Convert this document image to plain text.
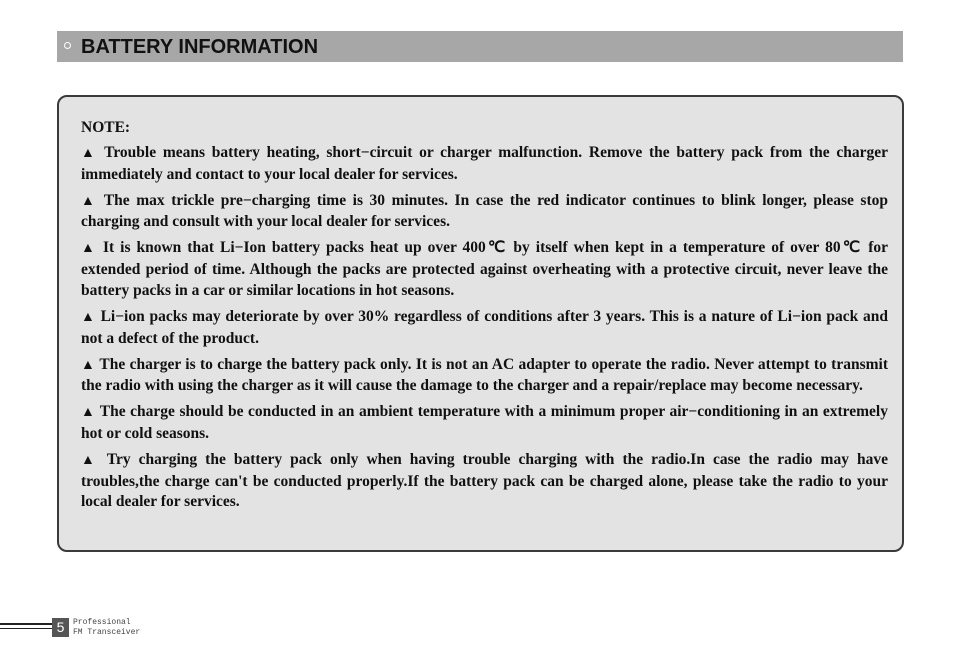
BATTERY INFORMATION
NOTE:
▲ Trouble means battery heating, short−circuit or charger malfunction. Remove the battery pack from the charger immediately and contact to your local dealer for services.
▲ The max trickle pre−charging time is 30 minutes. In case the red indicator continues to blink longer, please stop charging and consult with your local dealer for services.
▲ It is known that Li−Ion battery packs heat up over 400℃ by itself when kept in a temperature of over 80℃ for extended period of time. Although the packs are protected against overheating with a protective circuit, never leave the battery packs in a car or similar locations in hot seasons.
▲ Li−ion packs may deteriorate by over 30% regardless of conditions after 3 years. This is a nature of Li−ion pack and not a defect of the product.
▲ The charger is to charge the battery pack only. It is not an AC adapter to operate the radio. Never attempt to transmit the radio with using the charger as it will cause the damage to the charger and a repair/replace may become necessary.
▲ The charge should be conducted in an ambient temperature with a minimum proper air−conditioning in an extremely hot or cold seasons.
▲ Try charging the battery pack only when having trouble charging with the radio.In case the radio may have troubles,the charge can't be conducted properly.If the battery pack can be charged alone, please take the radio to your local dealer for services.
5	Professional
FM Transceiver
